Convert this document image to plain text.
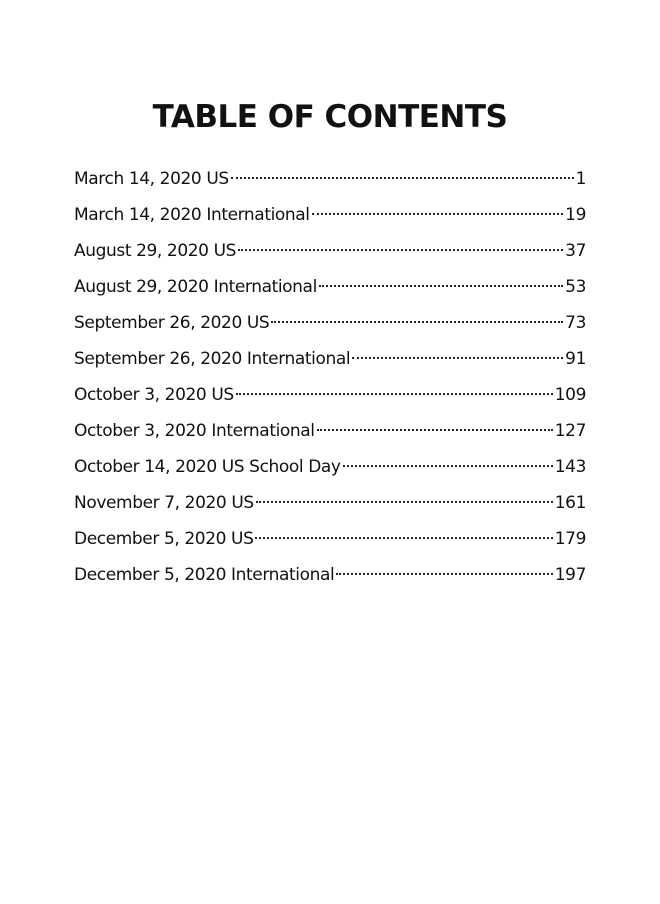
TABLE OF CONTENTS
March 14, 2020 US	1
March 14, 2020 International	19
August 29, 2020 US	37
August 29, 2020 International	53
September 26, 2020 US	73
September 26, 2020 International	91
October 3, 2020 US	109
October 3, 2020 International	127
October 14, 2020 US School Day	143
November 7, 2020 US	161
December 5, 2020 US	179
December 5, 2020 International	197
